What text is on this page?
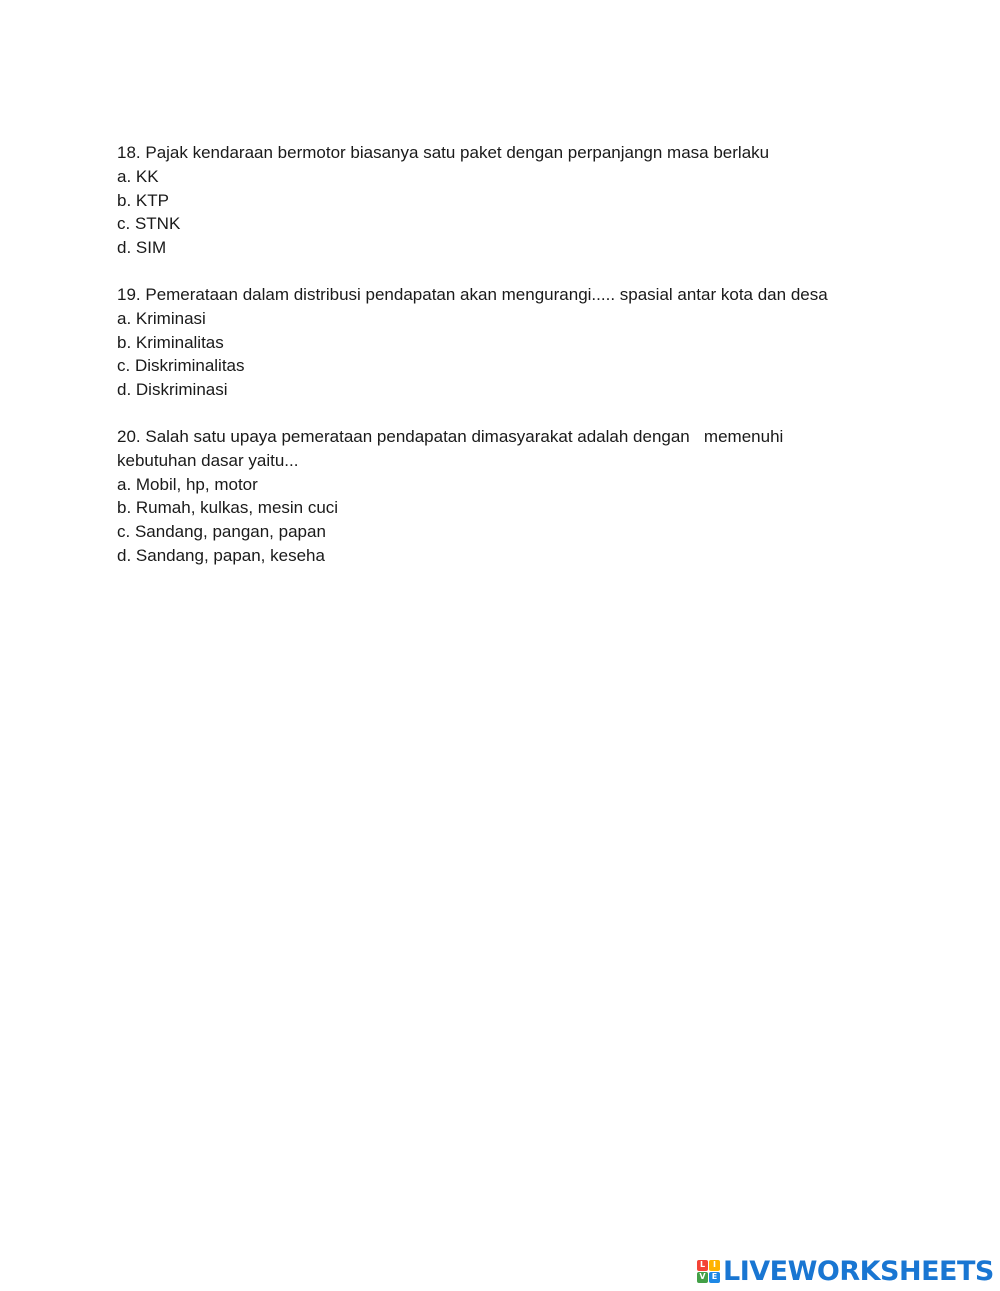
18. Pajak kendaraan bermotor biasanya satu paket dengan perpanjangn masa berlaku

a. KK
b. KTP
c. STNK
d. SIM

19. Pemerataan dalam distribusi pendapatan akan mengurangi..... spasial antar kota dan desa

a. Kriminasi
b. Kriminalitas
c. Diskriminalitas
d. Diskriminasi

20. Salah satu upaya pemerataan pendapatan dimasyarakat adalah dengan   memenuhi

kebutuhan dasar yaitu...

a. Mobil, hp, motor
b. Rumah, kulkas, mesin cuci
c. Sandang, pangan, papan
d. Sandang, papan, keseha
L I
V E LIVEWORKSHEETS
